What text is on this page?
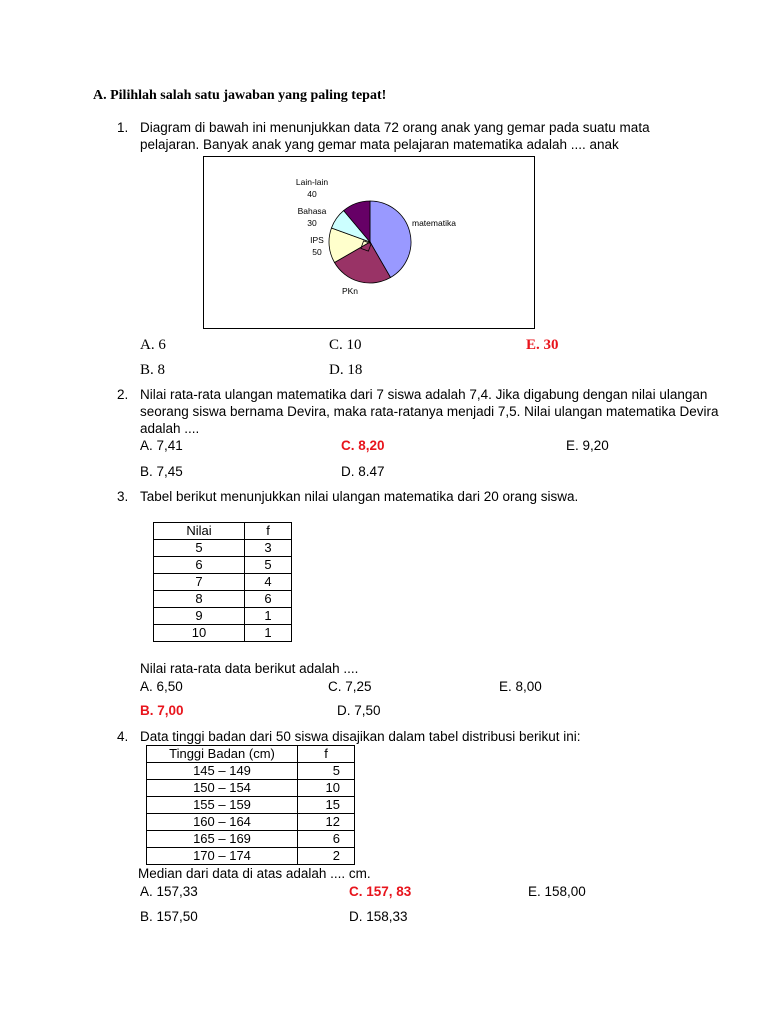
A. Pilihlah salah satu jawaban yang paling tepat!
1. Diagram di bawah ini menunjukkan data 72 orang anak yang gemar pada suatu mata
pelajaran. Banyak anak yang gemar mata pelajaran matematika adalah .... anak
Lain-lain
40
Bahasa
30
IPS
50
matematika
PKn
A. 6	C. 10	E. 30
B. 8	D. 18
2. Nilai rata-rata ulangan matematika dari 7 siswa adalah 7,4. Jika digabung dengan nilai ulangan
seorang siswa bernama Devira, maka rata-ratanya menjadi 7,5. Nilai ulangan matematika Devira
adalah ....
A. 7,41	C. 8,20	E. 9,20
B. 7,45	D. 8.47
3. Tabel berikut menunjukkan nilai ulangan matematika dari 20 orang siswa.
Nilai	f
5	3
6	5
7	4
8	6
9	1
10	1
Nilai rata-rata data berikut adalah ....
A. 6,50	C. 7,25	E. 8,00
B. 7,00	D. 7,50
4. Data tinggi badan dari 50 siswa disajikan dalam tabel distribusi berikut ini:
Tinggi Badan (cm)	f
145 – 149	5
150 – 154	10
155 – 159	15
160 – 164	12
165 – 169	6
170 – 174	2
Median dari data di atas adalah .... cm.
A. 157,33	C. 157, 83	E. 158,00
B. 157,50	D. 158,33
